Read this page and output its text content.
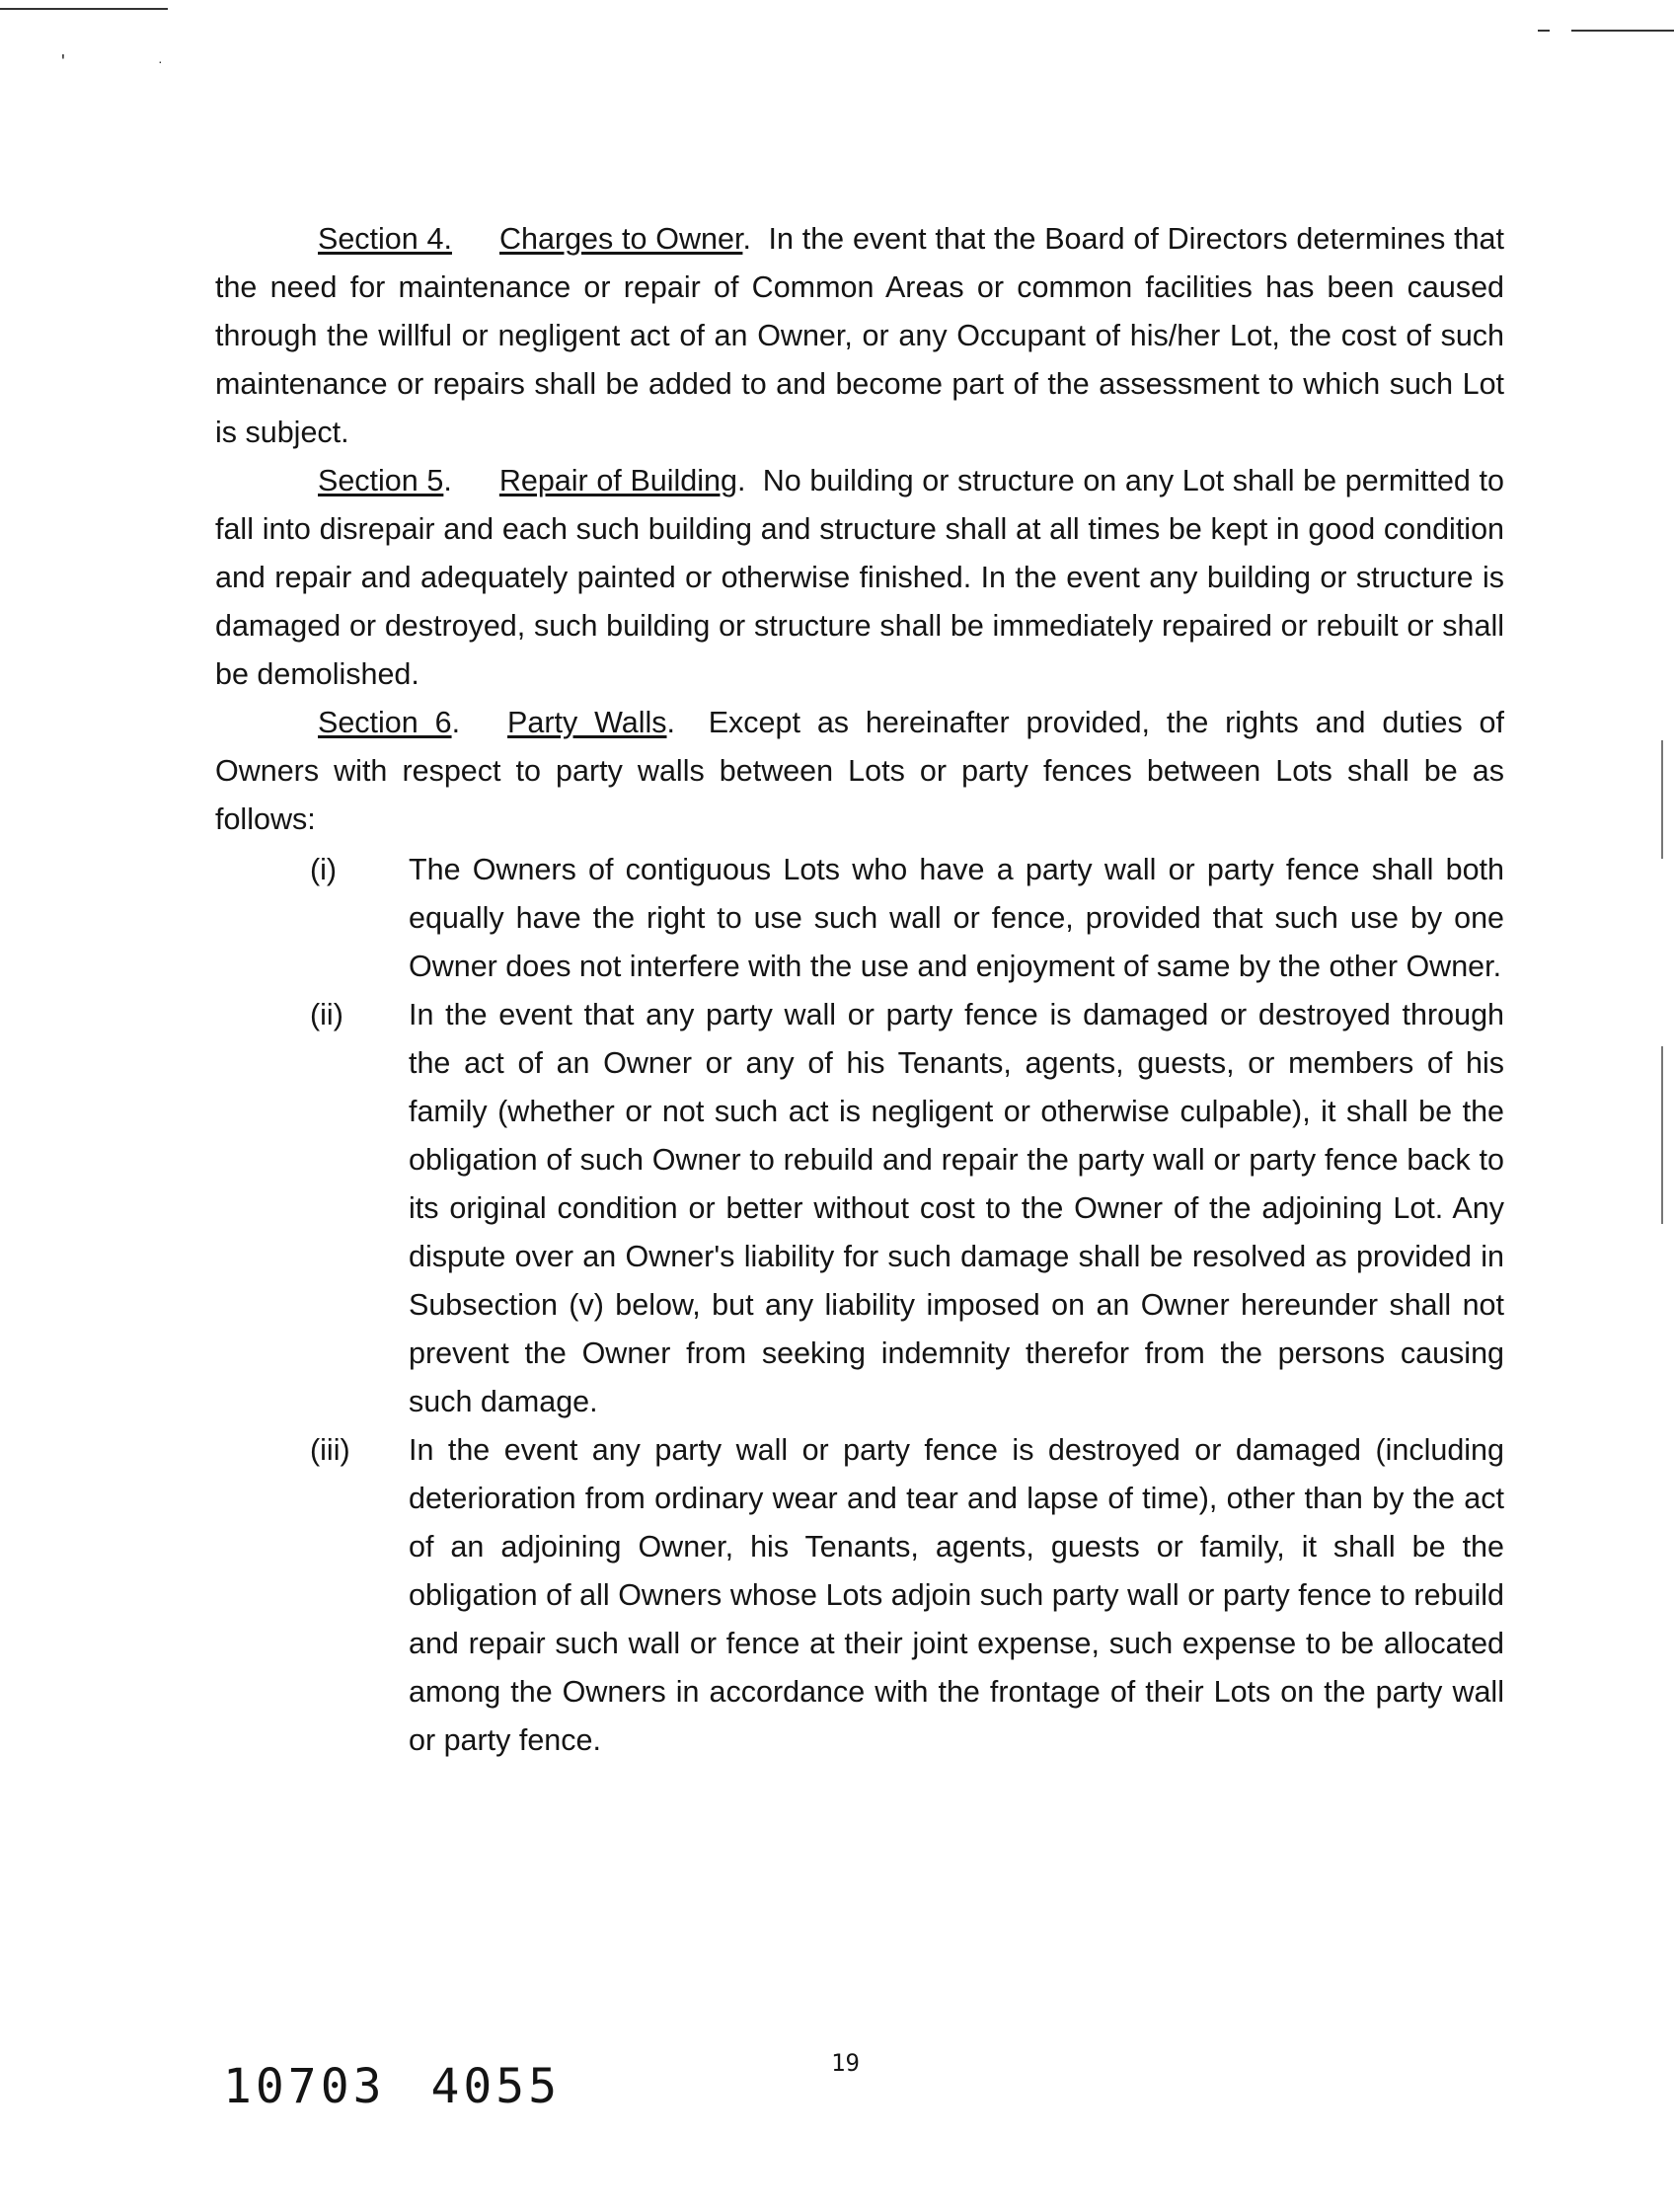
ʹ	·

Section 4. Charges to Owner. In the event that the Board of Directors determines that the need for maintenance or repair of Common Areas or common facilities has been caused through the willful or negligent act of an Owner, or any Occupant of his/her Lot, the cost of such maintenance or repairs shall be added to and become part of the assessment to which such Lot is subject.

Section 5. Repair of Building. No building or structure on any Lot shall be permitted to fall into disrepair and each such building and structure shall at all times be kept in good condition and repair and adequately painted or otherwise finished. In the event any building or structure is damaged or destroyed, such building or structure shall be immediately repaired or rebuilt or shall be demolished.

Section 6. Party Walls. Except as hereinafter provided, the rights and duties of Owners with respect to party walls between Lots or party fences between Lots shall be as follows:

(i)	The Owners of contiguous Lots who have a party wall or party fence shall both equally have the right to use such wall or fence, provided that such use by one Owner does not interfere with the use and enjoyment of same by the other Owner.
(ii)	In the event that any party wall or party fence is damaged or destroyed through the act of an Owner or any of his Tenants, agents, guests, or members of his family (whether or not such act is negligent or otherwise culpable), it shall be the obligation of such Owner to rebuild and repair the party wall or party fence back to its original condition or better without cost to the Owner of the adjoining Lot. Any dispute over an Owner's liability for such damage shall be resolved as provided in Subsection (v) below, but any liability imposed on an Owner hereunder shall not prevent the Owner from seeking indemnity therefor from the persons causing such damage.
(iii)	In the event any party wall or party fence is destroyed or damaged (including deterioration from ordinary wear and tear and lapse of time), other than by the act of an adjoining Owner, his Tenants, agents, guests or family, it shall be the obligation of all Owners whose Lots adjoin such party wall or party fence to rebuild and repair such wall or fence at their joint expense, such expense to be allocated among the Owners in accordance with the frontage of their Lots on the party wall or party fence.
19
10703 4055
